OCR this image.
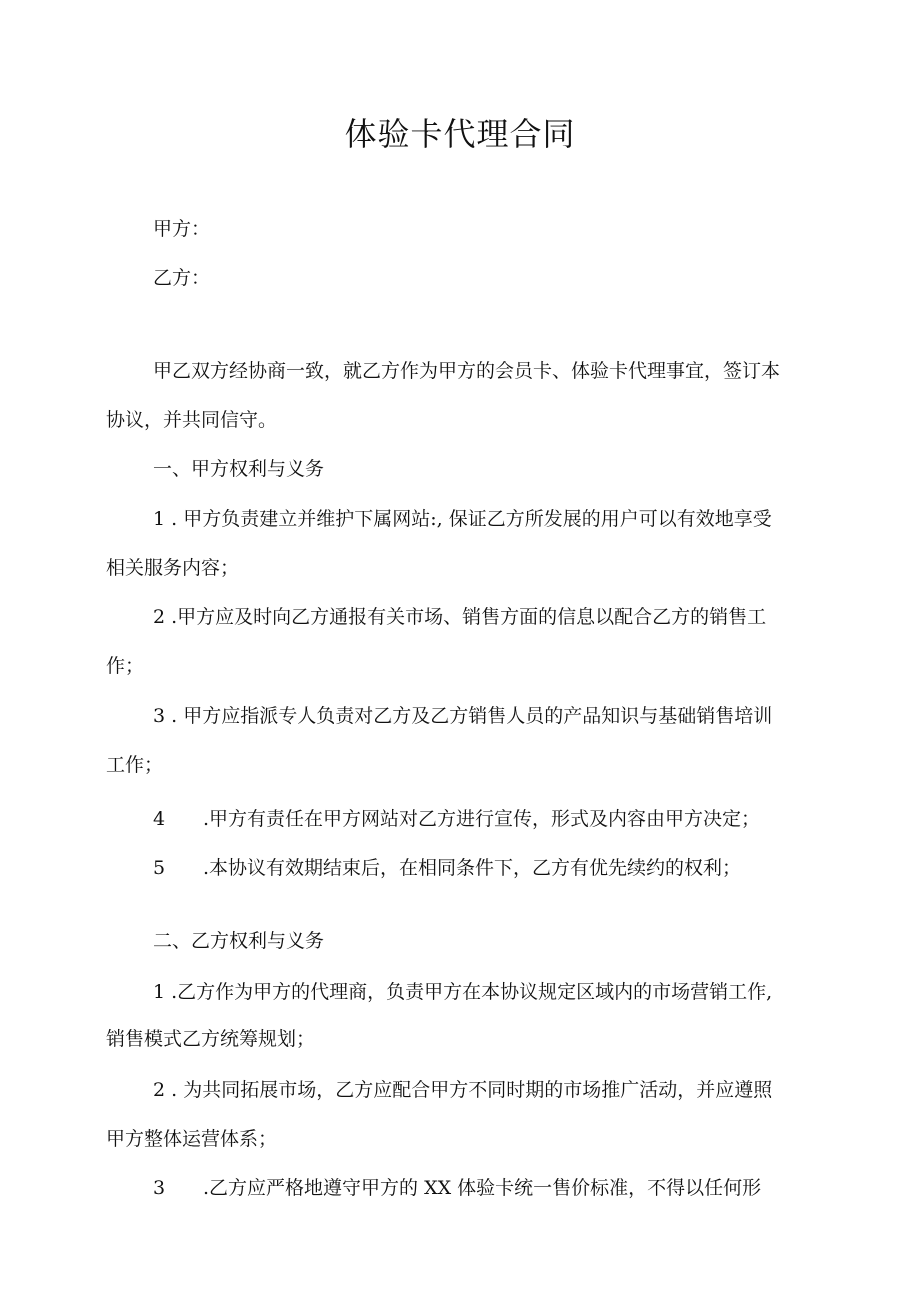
体验卡代理合同

甲方：

乙方：

甲乙双方经协商一致，就乙方作为甲方的会员卡、体验卡代理事宜，签订本

协议，并共同信守。

一、甲方权利与义务

1 . 甲方负责建立并维护下属网站:, 保证乙方所发展的用户可以有效地享受

相关服务内容；

2 .甲方应及时向乙方通报有关市场、销售方面的信息以配合乙方的销售工

作；

3 . 甲方应指派专人负责对乙方及乙方销售人员的产品知识与基础销售培训

工作；

4 .甲方有责任在甲方网站对乙方进行宣传，形式及内容由甲方决定；

5 .本协议有效期结束后，在相同条件下，乙方有优先续约的权利；

二、乙方权利与义务

1 .乙方作为甲方的代理商，负责甲方在本协议规定区域内的市场营销工作,

销售模式乙方统筹规划；

2 . 为共同拓展市场，乙方应配合甲方不同时期的市场推广活动，并应遵照

甲方整体运营体系；

3 .乙方应严格地遵守甲方的 XX 体验卡统一售价标准，不得以任何形
